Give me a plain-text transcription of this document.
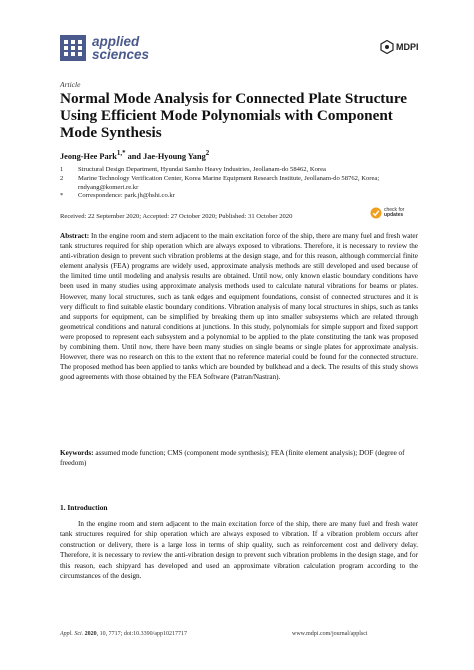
applied
sciences	MDPI
Article
Normal Mode Analysis for Connected Plate Structure Using Efficient Mode Polynomials with Component Mode Synthesis
Jeong-Hee Park$^{1,*}$ and Jae-Hyoung Yang$^2$
1	Structural Design Department, Hyundai Samho Heavy Industries, Jeollanam-do 58462, Korea
2	Marine Technology Verification Center, Korea Marine Equipment Research Institute, Jeollanam-do 58762, Korea; rndyang@komeri.re.kr
*	Correspondence: park.jh@hshi.co.kr
Received: 22 September 2020; Accepted: 27 October 2020; Published: 31 October 2020
check for
updates
Abstract: In the engine room and stern adjacent to the main excitation force of the ship, there are many fuel and fresh water tank structures required for ship operation which are always exposed to vibrations. Therefore, it is necessary to review the anti-vibration design to prevent such vibration problems at the design stage, and for this reason, although commercial finite element analysis (FEA) programs are widely used, approximate analysis methods are still developed and used because of the limited time until modeling and analysis results are obtained. Until now, only known elastic boundary conditions have been used in many studies using approximate analysis methods used to calculate natural vibrations for beams or plates. However, many local structures, such as tank edges and equipment foundations, consist of connected structures and it is very difficult to find suitable elastic boundary conditions. Vibration analysis of many local structures in ships, such as tanks and supports for equipment, can be simplified by breaking them up into smaller subsystems which are related through geometrical conditions and natural conditions at junctions. In this study, polynomials for simple support and fixed support were proposed to represent each subsystem and a polynomial to be applied to the plate constituting the tank was proposed by combining them. Until now, there have been many studies on single beams or single plates for approximate analysis. However, there was no research on this to the extent that no reference material could be found for the connected structure. The proposed method has been applied to tanks which are bounded by bulkhead and a deck. The results of this study shows good agreements with those obtained by the FEA Software (Patran/Nastran).
Keywords: assumed mode function; CMS (component mode synthesis); FEA (finite element analysis); DOF (degree of freedom)
1. Introduction
In the engine room and stern adjacent to the main excitation force of the ship, there are many fuel and fresh water tank structures required for ship operation which are always exposed to vibration. If a vibration problem occurs after construction or delivery, there is a large loss in terms of ship quality, such as reinforcement cost and delivery delay. Therefore, it is necessary to review the anti-vibration design to prevent such vibration problems in the design stage, and for this reason, each shipyard has developed and used an approximate vibration calculation program according to the circumstances of the design.
Appl. Sci. 2020, 10, 7717; doi:10.3390/app10217717	www.mdpi.com/journal/applsci
